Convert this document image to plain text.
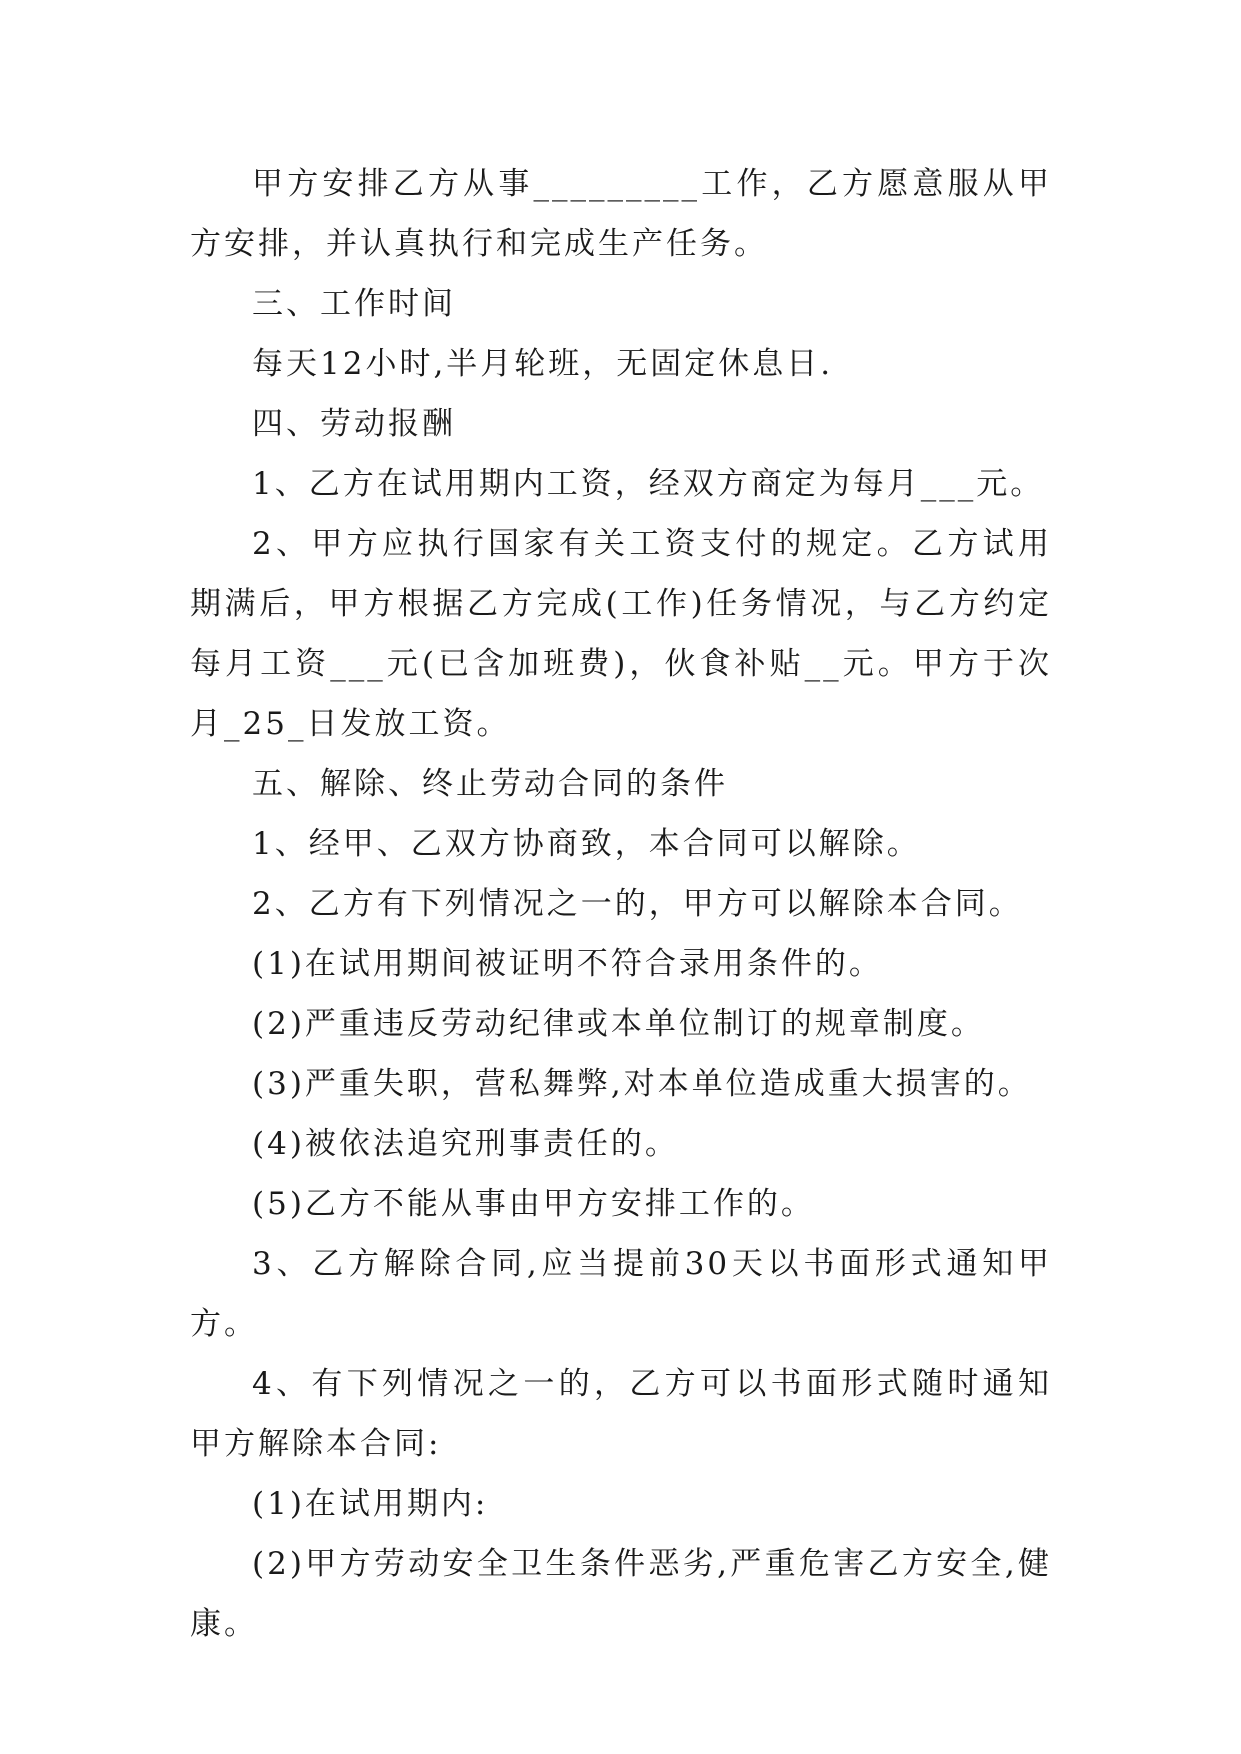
甲方安排乙方从事_________工作，乙方愿意服从甲方安排，并认真执行和完成生产任务。

三、工作时间

每天12小时,半月轮班，无固定休息日.

四、劳动报酬

1、乙方在试用期内工资，经双方商定为每月___元。

2、甲方应执行国家有关工资支付的规定。乙方试用期满后，甲方根据乙方完成(工作)任务情况，与乙方约定每月工资___元(已含加班费)，伙食补贴__元。甲方于次月_25_日发放工资。

五、解除、终止劳动合同的条件

1、经甲、乙双方协商致，本合同可以解除。

2、乙方有下列情况之一的，甲方可以解除本合同。

(1)在试用期间被证明不符合录用条件的。

(2)严重违反劳动纪律或本单位制订的规章制度。

(3)严重失职，营私舞弊,对本单位造成重大损害的。

(4)被依法追究刑事责任的。

(5)乙方不能从事由甲方安排工作的。

3、乙方解除合同,应当提前30天以书面形式通知甲方。

4、有下列情况之一的，乙方可以书面形式随时通知甲方解除本合同:

(1)在试用期内:

(2)甲方劳动安全卫生条件恶劣,严重危害乙方安全,健康。
